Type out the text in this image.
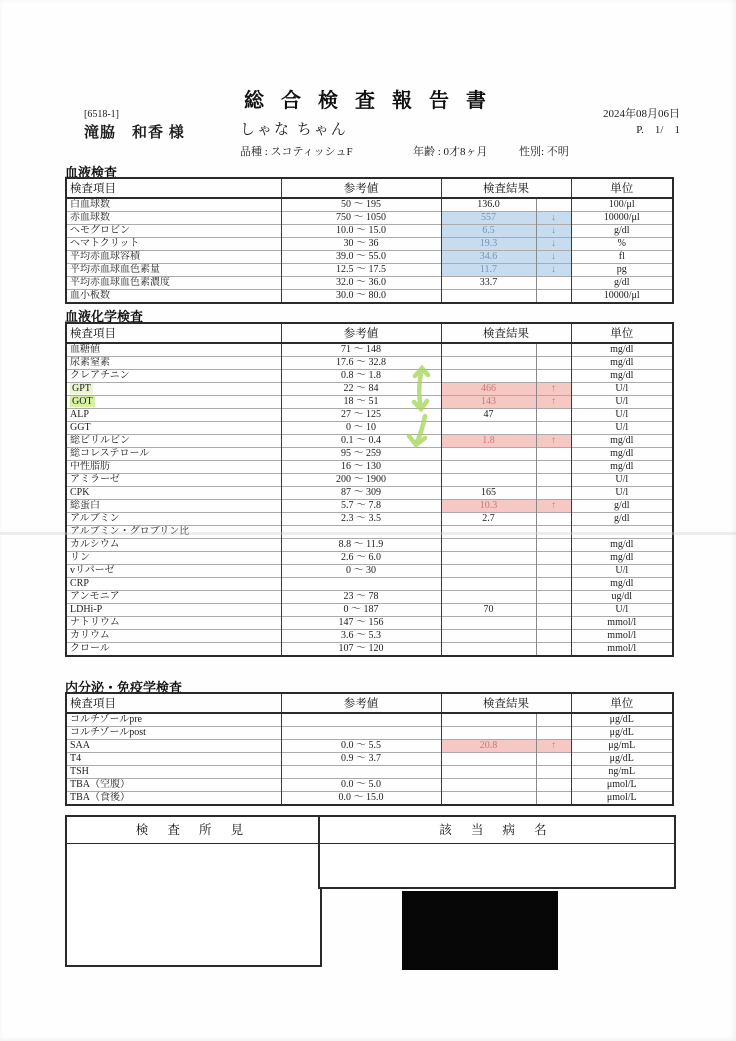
総 合 検 査 報 告 書
2024年08月06日
P.    1/    1
[6518-1]
滝脇　和香 様	しゃな ちゃん
品種 : スコティッシュF	年齢 : 0才8ヶ月	性別: 不明
血液検査
検査項目	参考値	検査結果		単位
白血球数	50 ～ 195	136.0		100/μl
赤血球数	750 ～ 1050	557	↓	10000/μl
ヘモグロビン	10.0 ～ 15.0	6.5	↓	g/dl
ヘマトクリット	30 ～ 36	19.3	↓	%
平均赤血球容積	39.0 ～ 55.0	34.6	↓	fl
平均赤血球血色素量	12.5 ～ 17.5	11.7	↓	pg
平均赤血球血色素濃度	32.0 ～ 36.0	33.7		g/dl
血小板数	30.0 ～ 80.0			10000/μl
血液化学検査
検査項目	参考値	検査結果		単位
血糖値	71 ～ 148			mg/dl
尿素窒素	17.6 ～ 32.8			mg/dl
クレアチニン	0.8 ～ 1.8			mg/dl
GPT	22 ～ 84	466	↑	U/l
GOT	18 ～ 51	143	↑	U/l
ALP	27 ～ 125	47		U/l
GGT	0 ～ 10			U/l
総ビリルビン	0.1 ～ 0.4	1.8	↑	mg/dl
総コレステロール	95 ～ 259			mg/dl
中性脂肪	16 ～ 130			mg/dl
アミラーゼ	200 ～ 1900			U/l
CPK	87 ～ 309	165		U/l
総蛋白	5.7 ～ 7.8	10.3	↑	g/dl
アルブミン	2.3 ～ 3.5	2.7		g/dl
アルブミン・グロブリン比				
カルシウム	8.8 ～ 11.9			mg/dl
リン	2.6 ～ 6.0			mg/dl
vリパーゼ	0 ～ 30			U/l
CRP				mg/dl
アンモニア	23 ～ 78			ug/dl
LDHi-P	0 ～ 187	70		U/l
ナトリウム	147 ～ 156			mmol/l
カリウム	3.6 ～ 5.3			mmol/l
クロール	107 ～ 120			mmol/l
内分泌・免疫学検査
検査項目	参考値	検査結果		単位
コルチゾールpre				μg/dL
コルチゾールpost				μg/dL
SAA	0.0 ～ 5.5	20.8	↑	μg/mL
T4	0.9 ～ 3.7			μg/dL
TSH				ng/mL
TBA（空腹）	0.0 ～ 5.0			μmol/L
TBA（食後）	0.0 ～ 15.0			μmol/L
検 査 所 見	該 当 病 名
